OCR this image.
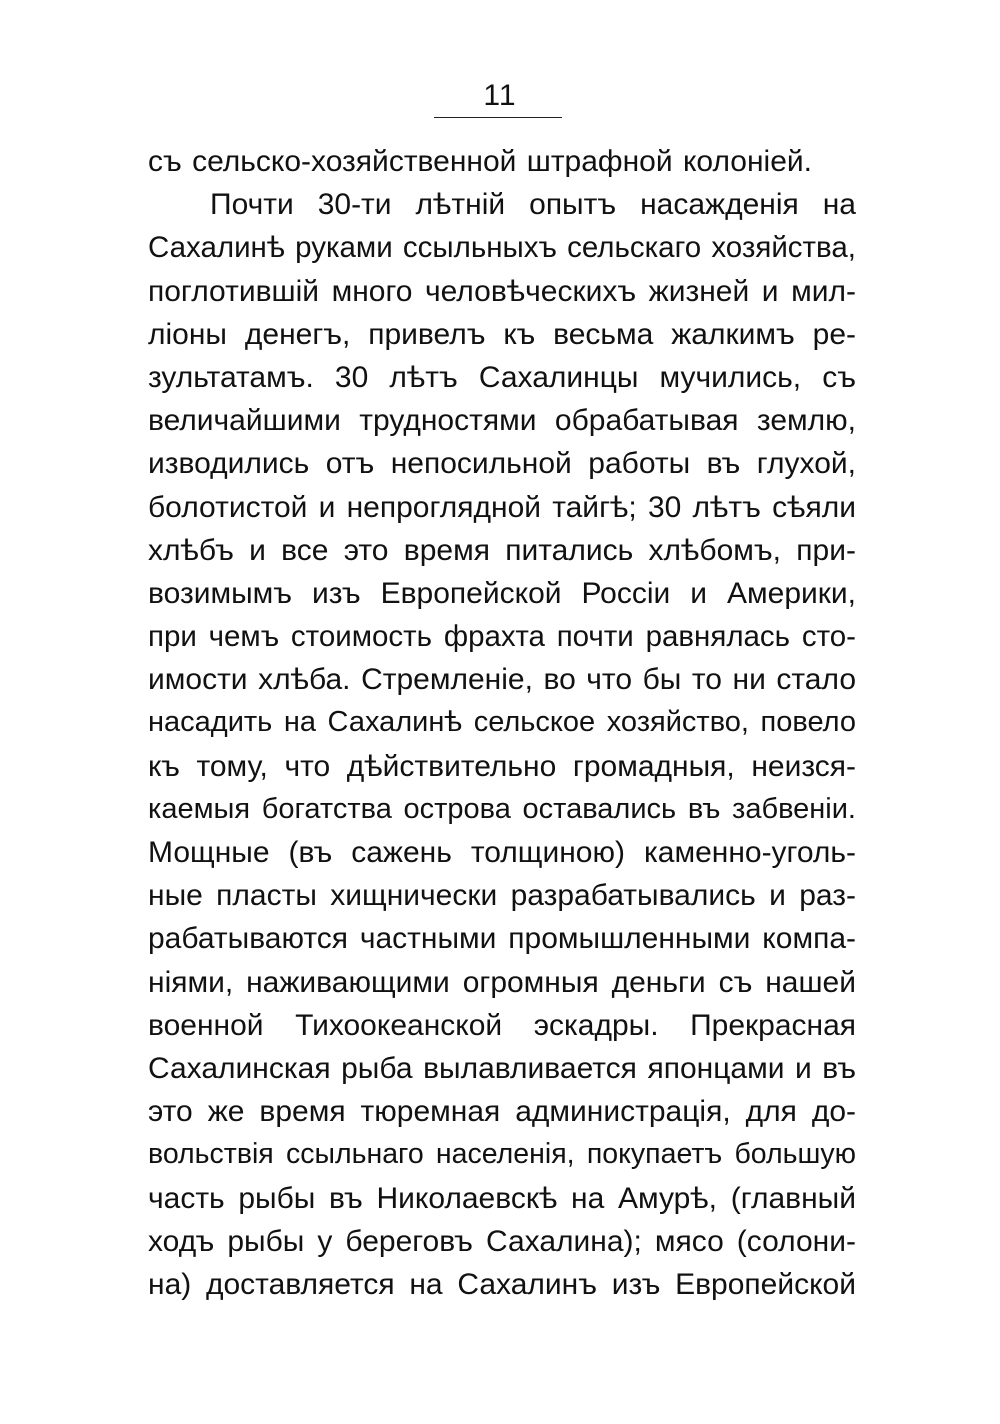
11
съ сельско-хозяйственной штрафной колоніей.
Почти 30-ти лѣтній опытъ насажденія на
Сахалинѣ руками ссыльныхъ сельскаго хозяйства,
поглотившій много человѣческихъ жизней и мил-
ліоны денегъ, привелъ къ весьма жалкимъ ре-
зультатамъ. 30 лѣтъ Сахалинцы мучились, съ
величайшими трудностями обрабатывая землю,
изводились отъ непосильной работы въ глухой,
болотистой и непроглядной тайгѣ; 30 лѣтъ сѣяли
хлѣбъ и все это время питались хлѣбомъ, при-
возимымъ изъ Европейской Россіи и Америки,
при чемъ стоимость фрахта почти равнялась сто-
имости хлѣба. Стремленіе, во что бы то ни стало
насадить на Сахалинѣ сельское хозяйство, повело
къ тому, что дѣйствительно громадныя, неизся-
каемыя богатства острова оставались въ забвеніи.
Мощные (въ сажень толщиною) каменно-уголь-
ные пласты хищнически разрабатывались и раз-
рабатываются частными промышленными компа-
ніями, наживающими огромныя деньги съ нашей
военной Тихоокеанской эскадры. Прекрасная
Сахалинская рыба вылавливается японцами и въ
это же время тюремная администрація, для до-
вольствія ссыльнаго населенія, покупаетъ большую
часть рыбы въ Николаевскѣ на Амурѣ, (главный
ходъ рыбы у береговъ Сахалина); мясо (солони-
на) доставляется на Сахалинъ изъ Европейской
